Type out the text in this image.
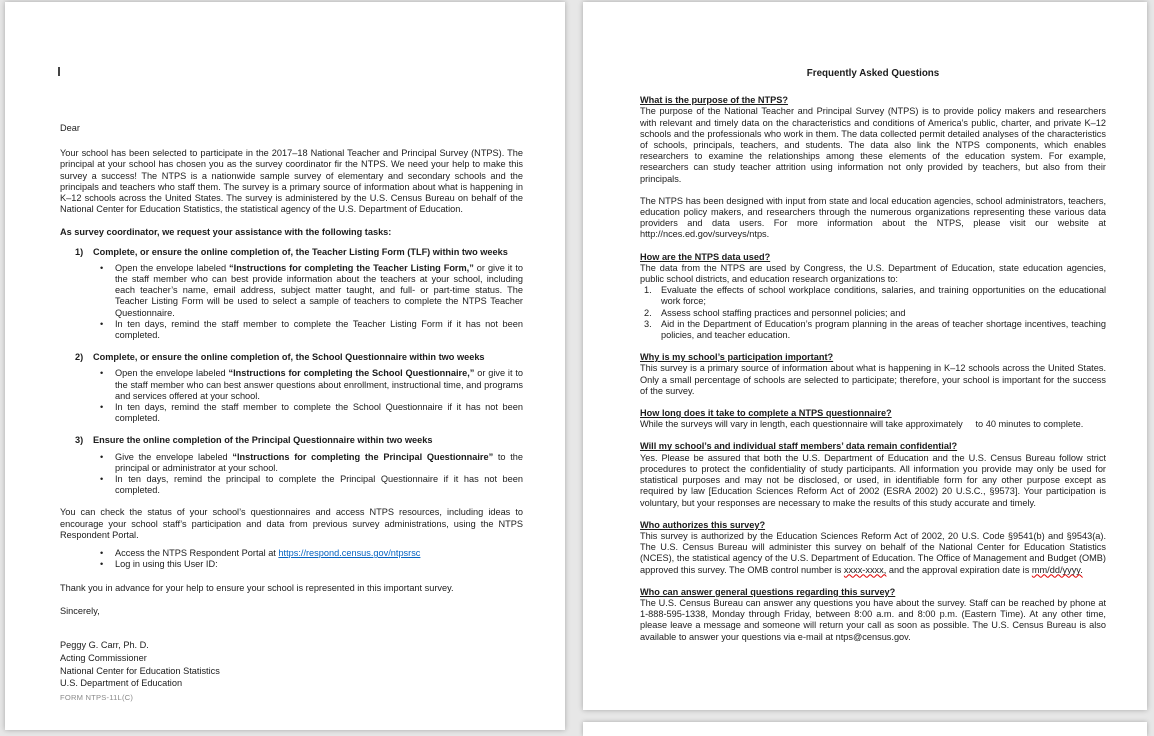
Dear

Your school has been selected to participate in the 2017–18 National Teacher and Principal Survey (NTPS). The principal at your school has chosen you as the survey coordinator fir the NTPS. We need your help to make this survey a success! The NTPS is a nationwide sample survey of elementary and secondary schools and the principals and teachers who staff them. The survey is a primary source of information about what is happening in K–12 schools across the United States. The survey is administered by the U.S. Census Bureau on behalf of the National Center for Education Statistics, the statistical agency of the U.S. Department of Education.

As survey coordinator, we request your assistance with the following tasks:

1)	Complete, or ensure the online completion of, the Teacher Listing Form (TLF) within two weeks
•	Open the envelope labeled “Instructions for completing the Teacher Listing Form,” or give it to the staff member who can best provide information about the teachers at your school, including each teacher’s name, email address, subject matter taught, and full- or part-time status. The Teacher Listing Form will be used to select a sample of teachers to complete the NTPS Teacher Questionnaire.
•	In ten days, remind the staff member to complete the Teacher Listing Form if it has not been completed.
2)	Complete, or ensure the online completion of, the School Questionnaire within two weeks
•	Open the envelope labeled “Instructions for completing the School Questionnaire,” or give it to the staff member who can best answer questions about enrollment, instructional time, and programs and services offered at your school.
•	In ten days, remind the staff member to complete the School Questionnaire if it has not been completed.
3)	Ensure the online completion of the Principal Questionnaire within two weeks
•	Give the envelope labeled “Instructions for completing the Principal Questionnaire” to the principal or administrator at your school.
•	In ten days, remind the principal to complete the Principal Questionnaire if it has not been completed.

You can check the status of your school’s questionnaires and access NTPS resources, including ideas to encourage your school staff’s participation and data from previous survey administrations, using the NTPS Respondent Portal.

•	Access the NTPS Respondent Portal at https://respond.census.gov/ntpsrsc
•	Log in using this User ID:

Thank you in advance for your help to ensure your school is represented in this important survey.

Sincerely,

Peggy G. Carr, Ph. D.

Acting Commissioner

National Center for Education Statistics

U.S. Department of Education

FORM NTPS-11L(C)
Frequently Asked Questions
What is the purpose of the NTPS?

The purpose of the National Teacher and Principal Survey (NTPS) is to provide policy makers and researchers with relevant and timely data on the characteristics and conditions of America’s public, charter, and private K–12 schools and the professionals who work in them. The data collected permit detailed analyses of the characteristics of schools, principals, teachers, and students. The data also link the NTPS components, which enables researchers to examine the relationships among these elements of the education system. For example, researchers can study teacher attrition using information not only provided by teachers, but also from their principals.

The NTPS has been designed with input from state and local education agencies, school administrators, teachers, education policy makers, and researchers through the numerous organizations representing these various data providers and data users. For more information about the NTPS, please visit our website at http://nces.ed.gov/surveys/ntps.

How are the NTPS data used?

The data from the NTPS are used by Congress, the U.S. Department of Education, state education agencies, public school districts, and education research organizations to:

1.	Evaluate the effects of school workplace conditions, salaries, and training opportunities on the educational work force;
2.	Assess school staffing practices and personnel policies; and
3.	Aid in the Department of Education’s program planning in the areas of teacher shortage incentives, teaching policies, and teacher education.
Why is my school’s participation important?

This survey is a primary source of information about what is happening in K–12 schools across the United States. Only a small percentage of schools are selected to participate; therefore, your school is important for the success of the survey.

How long does it take to complete a NTPS questionnaire?

While the surveys will vary in length, each questionnaire will take approximately     to 40 minutes to complete.

Will my school’s and individual staff members’ data remain confidential?

Yes. Please be assured that both the U.S. Department of Education and the U.S. Census Bureau follow strict procedures to protect the confidentiality of study participants. All information you provide may only be used for statistical purposes and may not be disclosed, or used, in identifiable form for any other purpose except as required by law [Education Sciences Reform Act of 2002 (ESRA 2002) 20 U.S.C., §9573]. Your participation is voluntary, but your responses are necessary to make the results of this study accurate and timely.

Who authorizes this survey?

This survey is authorized by the Education Sciences Reform Act of 2002, 20 U.S. Code §9541(b) and §9543(a). The U.S. Census Bureau will administer this survey on behalf of the National Center for Education Statistics (NCES), the statistical agency of the U.S. Department of Education. The Office of Management and Budget (OMB) approved this survey. The OMB control number is xxxx-xxxx, and the approval expiration date is mm/dd/yyyy.

Who can answer general questions regarding this survey?

The U.S. Census Bureau can answer any questions you have about the survey. Staff can be reached by phone at 1-888-595-1338, Monday through Friday, between 8:00 a.m. and 8:00 p.m. (Eastern Time). At any other time, please leave a message and someone will return your call as soon as possible. The U.S. Census Bureau is also available to answer your questions via e-mail at ntps@census.gov.
